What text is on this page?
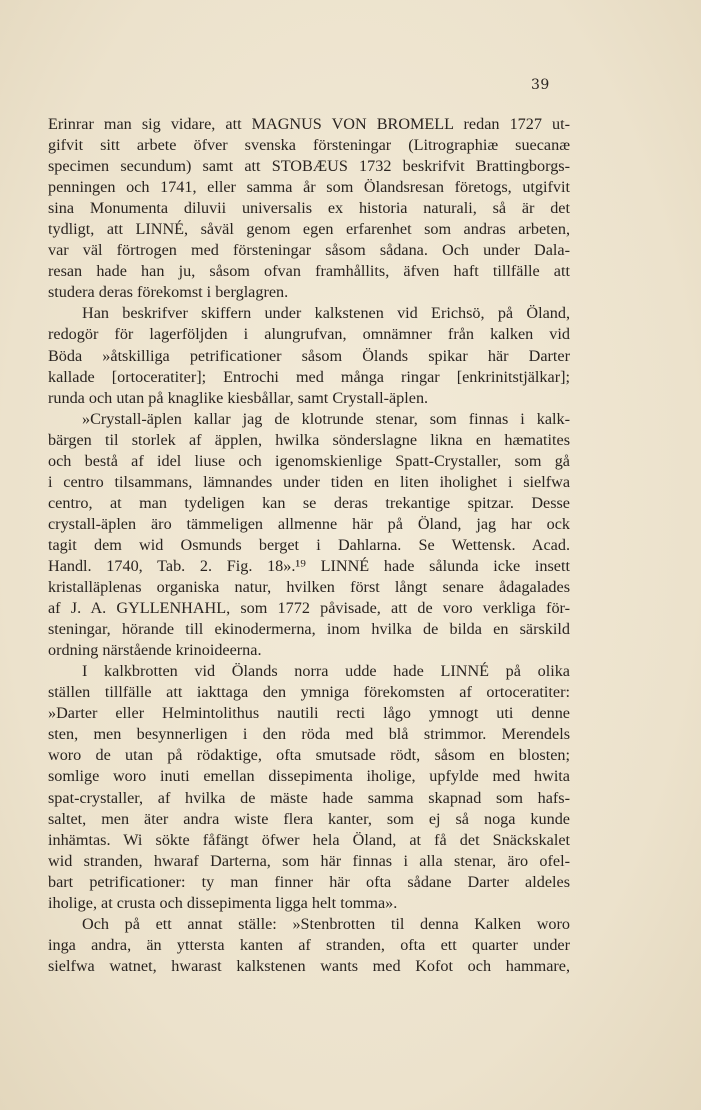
39
Erinrar man sig vidare, att MAGNUS VON BROMELL redan 1727 ut-
gifvit sitt arbete öfver svenska försteningar (Litrographiæ suecanæ
specimen secundum) samt att STOBÆUS 1732 beskrifvit Brattingborgs-
penningen och 1741, eller samma år som Ölandsresan företogs, utgifvit
sina Monumenta diluvii universalis ex historia naturali, så är det
tydligt, att LINNÉ, såväl genom egen erfarenhet som andras arbeten,
var väl förtrogen med försteningar såsom sådana. Och under Dala-
resan hade han ju, såsom ofvan framhållits, äfven haft tillfälle att
studera deras förekomst i berglagren.
Han beskrifver skiffern under kalkstenen vid Erichsö, på Öland,
redogör för lagerföljden i alungrufvan, omnämner från kalken vid
Böda »åtskilliga petrificationer såsom Ölands spikar här Darter
kallade [ortoceratiter]; Entrochi med många ringar [enkrinitstjälkar];
runda och utan på knaglike kiesbållar, samt Crystall-äplen.
»Crystall-äplen kallar jag de klotrunde stenar, som finnas i kalk-
bärgen til storlek af äpplen, hwilka sönderslagne likna en hæmatites
och bestå af idel liuse och igenomskienlige Spatt-Crystaller, som gå
i centro tilsammans, lämnandes under tiden en liten iholighet i sielfwa
centro, at man tydeligen kan se deras trekantige spitzar. Desse
crystall-äplen äro tämmeligen allmenne här på Öland, jag har ock
tagit dem wid Osmunds berget i Dahlarna. Se Wettensk. Acad.
Handl. 1740, Tab. 2. Fig. 18».¹⁹ LINNÉ hade sålunda icke insett
kristalläplenas organiska natur, hvilken först långt senare ådagalades
af J. A. GYLLENHAHL, som 1772 påvisade, att de voro verkliga för-
steningar, hörande till ekinodermerna, inom hvilka de bilda en särskild
ordning närstående krinoideerna.
I kalkbrotten vid Ölands norra udde hade LINNÉ på olika
ställen tillfälle att iakttaga den ymniga förekomsten af ortoceratiter:
»Darter eller Helmintolithus nautili recti lågo ymnogt uti denne
sten, men besynnerligen i den röda med blå strimmor. Merendels
woro de utan på rödaktige, ofta smutsade rödt, såsom en blosten;
somlige woro inuti emellan dissepimenta iholige, upfylde med hwita
spat-crystaller, af hvilka de mäste hade samma skapnad som hafs-
saltet, men äter andra wiste flera kanter, som ej så noga kunde
inhämtas. Wi sökte fåfängt öfwer hela Öland, at få det Snäckskalet
wid stranden, hwaraf Darterna, som här finnas i alla stenar, äro ofel-
bart petrificationer: ty man finner här ofta sådane Darter aldeles
iholige, at crusta och dissepimenta ligga helt tomma».
Och på ett annat ställe: »Stenbrotten til denna Kalken woro
inga andra, än yttersta kanten af stranden, ofta ett quarter under
sielfwa watnet, hwarast kalkstenen wants med Kofot och hammare,
